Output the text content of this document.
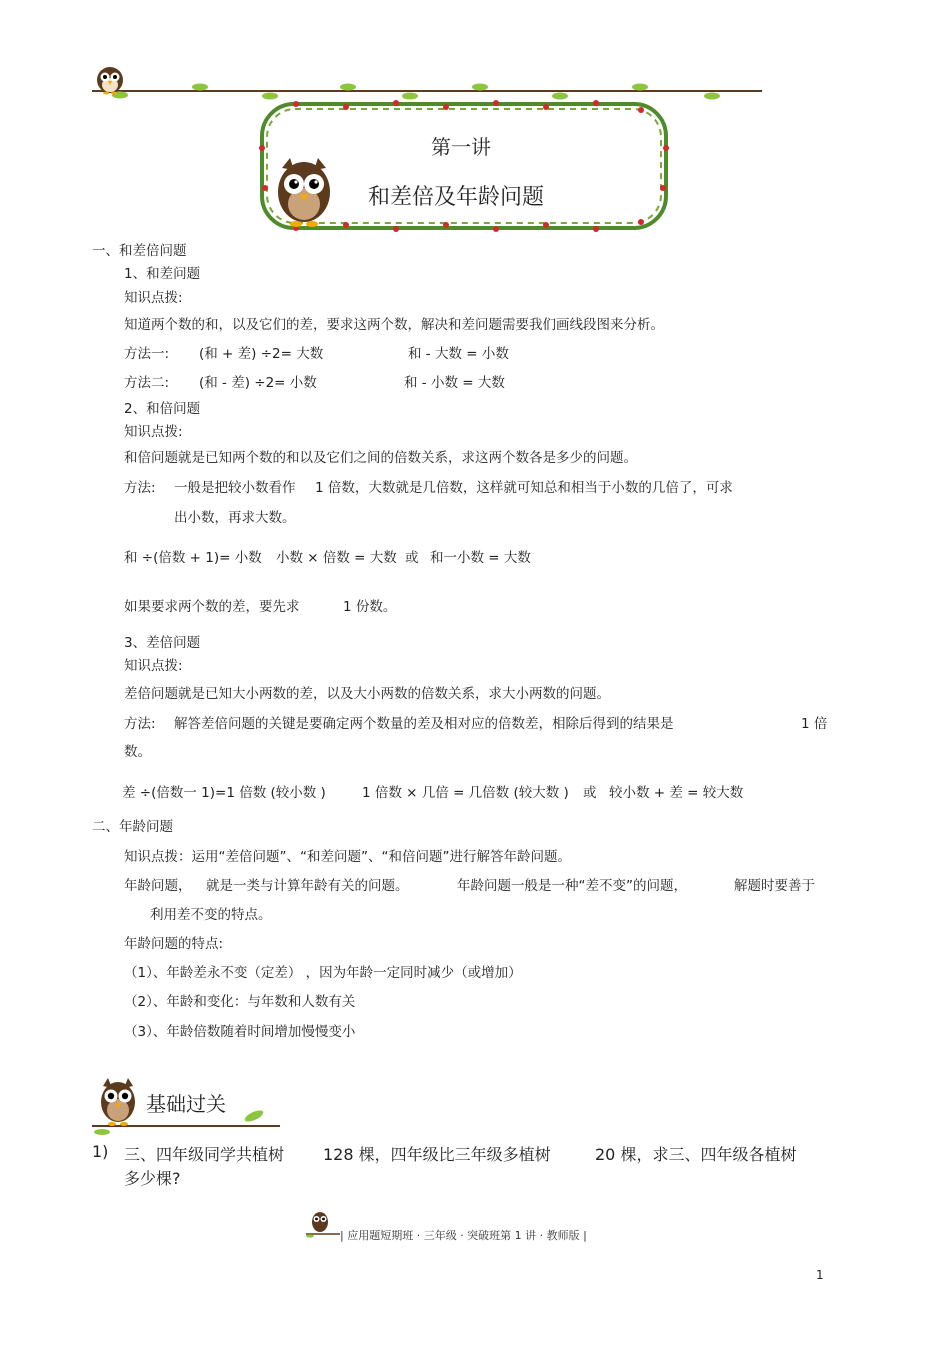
第一讲
和差倍及年龄问题
一、和差倍问题
1、和差问题
知识点拨:
知道两个数的和，以及它们的差，要求这两个数，解决和差问题需要我们画线段图来分析。
方法一: (和 + 差) ÷2= 大数	和 - 大数 = 小数
方法二: (和 - 差) ÷2= 小数	和 - 小数 = 大数
2、和倍问题
知识点拨:
和倍问题就是已知两个数的和以及它们之间的倍数关系，求这两个数各是多少的问题。
方法: 一般是把较小数看作 1 倍数，大数就是几倍数，这样就可知总和相当于小数的几倍了，可求
出小数，再求大数。
和 ÷(倍数 + 1)= 小数 小数 × 倍数 = 大数 或 和一小数 = 大数
如果要求两个数的差，要先求	1 份数。
3、差倍问题
知识点拨:
差倍问题就是已知大小两数的差，以及大小两数的倍数关系，求大小两数的问题。
方法: 解答差倍问题的关键是要确定两个数量的差及相对应的倍数差，相除后得到的结果是	1 倍
数。
差 ÷(倍数一 1)=1 倍数 (较小数 )	1 倍数 × 几倍 = 几倍数 (较大数 ) 或 较小数 + 差 = 较大数
二、年龄问题
知识点拨：运用“差倍问题”、“和差问题”、“和倍问题”进行解答年龄问题。
年龄问题， 就是一类与计算年龄有关的问题。	年龄问题一般是一种“差不变”的问题，	解题时要善于
利用差不变的特点。
年龄问题的特点:
（1）、年龄差永不变（定差） ，因为年龄一定同时减少（或增加）
（2）、年龄和变化：与年数和人数有关
（3）、年龄倍数随着时间增加慢慢变小
基础过关
1) 三、四年级同学共植树 128 棵，四年级比三年级多植树	20 棵，求三、四年级各植树
多少棵?
| 应用题短期班 · 三年级 · 突破班第 1 讲 · 教师版 |
1
